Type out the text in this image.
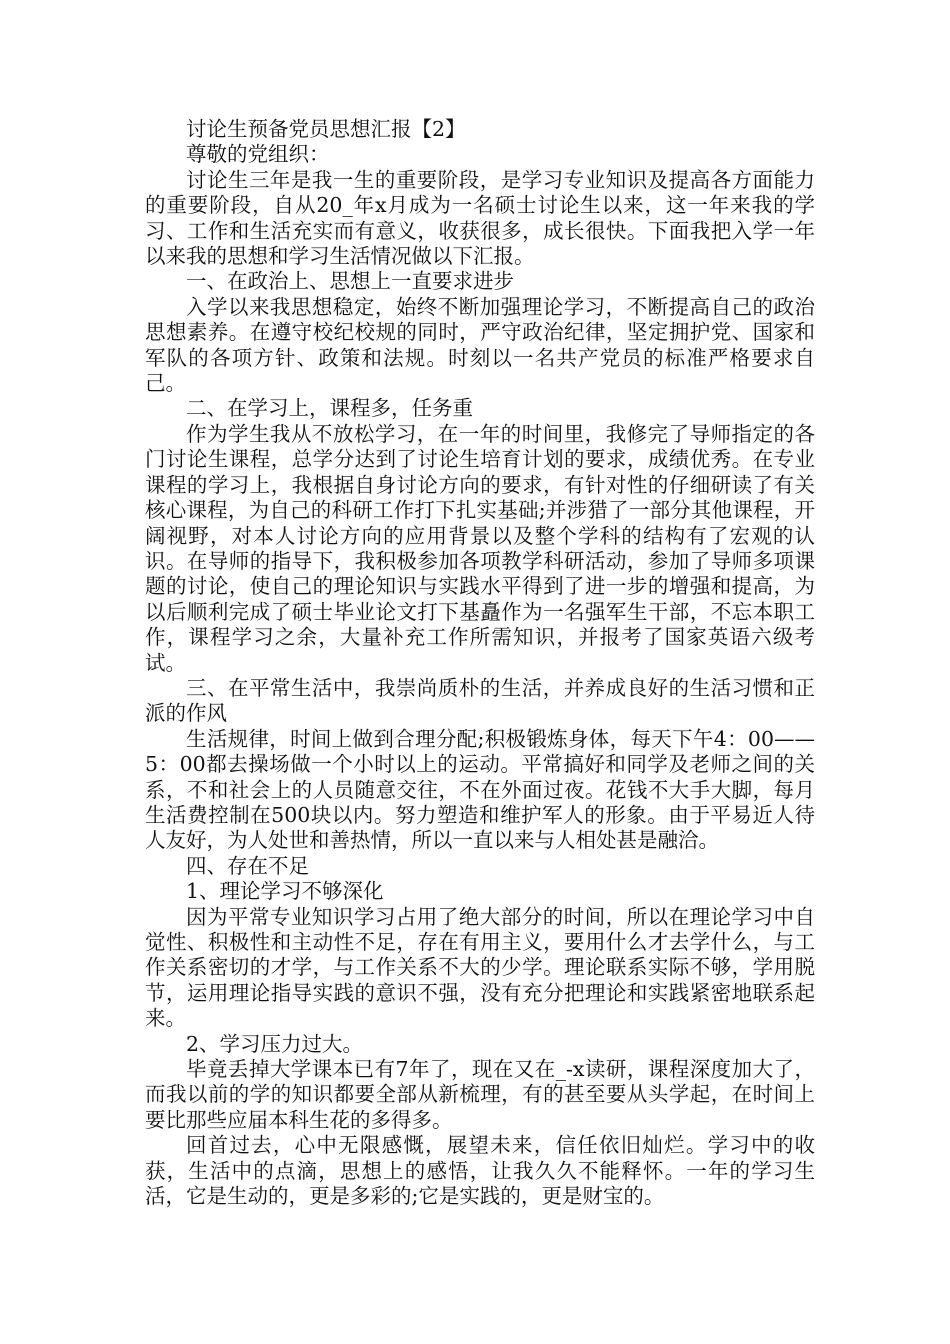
讨论生预备党员思想汇报【2】

尊敬的党组织：

讨论生三年是我一生的重要阶段，是学习专业知识及提高各方面能力的重要阶段，自从20_年x月成为一名硕士讨论生以来，这一年来我的学习、工作和生活充实而有意义，收获很多，成长很快。下面我把入学一年以来我的思想和学习生活情况做以下汇报。

一、在政治上、思想上一直要求进步

入学以来我思想稳定，始终不断加强理论学习，不断提高自己的政治思想素养。在遵守校纪校规的同时，严守政治纪律，坚定拥护党、国家和军队的各项方针、政策和法规。时刻以一名共产党员的标准严格要求自己。

二、在学习上，课程多，任务重

作为学生我从不放松学习，在一年的时间里，我修完了导师指定的各门讨论生课程，总学分达到了讨论生培育计划的要求，成绩优秀。在专业课程的学习上，我根据自身讨论方向的要求，有针对性的仔细研读了有关核心课程，为自己的科研工作打下扎实基础;并涉猎了一部分其他课程，开阔视野，对本人讨论方向的应用背景以及整个学科的结构有了宏观的认识。在导师的指导下，我积极参加各项教学科研活动，参加了导师多项课题的讨论，使自己的理论知识与实践水平得到了进一步的增强和提高，为以后顺利完成了硕士毕业论文打下基矗作为一名强军生干部，不忘本职工作，课程学习之余，大量补充工作所需知识，并报考了国家英语六级考试。

三、在平常生活中，我崇尚质朴的生活，并养成良好的生活习惯和正派的作风

生活规律，时间上做到合理分配;积极锻炼身体，每天下午4：00——5：00都去操场做一个小时以上的运动。平常搞好和同学及老师之间的关系，不和社会上的人员随意交往，不在外面过夜。花钱不大手大脚，每月生活费控制在500块以内。努力塑造和维护军人的形象。由于平易近人待人友好，为人处世和善热情，所以一直以来与人相处甚是融洽。

四、存在不足

1、理论学习不够深化

因为平常专业知识学习占用了绝大部分的时间，所以在理论学习中自觉性、积极性和主动性不足，存在有用主义，要用什么才去学什么，与工作关系密切的才学，与工作关系不大的少学。理论联系实际不够，学用脱节，运用理论指导实践的意识不强，没有充分把理论和实践紧密地联系起来。

2、学习压力过大。

毕竟丢掉大学课本已有7年了，现在又在_-x读研，课程深度加大了，而我以前的学的知识都要全部从新梳理，有的甚至要从头学起，在时间上要比那些应届本科生花的多得多。

回首过去，心中无限感慨，展望未来，信任依旧灿烂。学习中的收获，生活中的点滴，思想上的感悟，让我久久不能释怀。一年的学习生活，它是生动的，更是多彩的;它是实践的，更是财宝的。
